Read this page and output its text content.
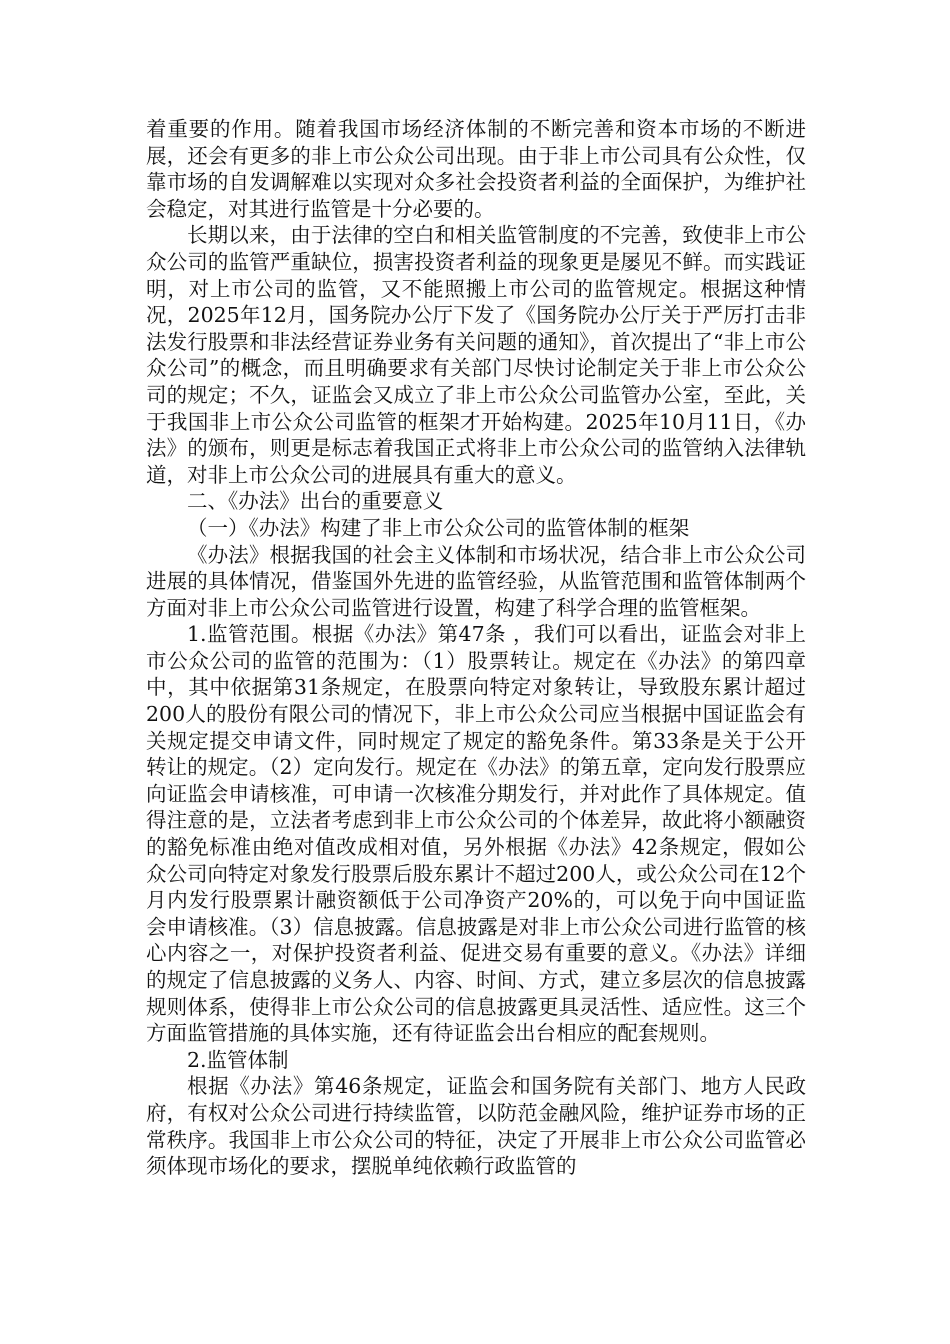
着重要的作用。随着我国市场经济体制的不断完善和资本市场的不断进展，还会有更多的非上市公众公司出现。由于非上市公司具有公众性，仅靠市场的自发调解难以实现对众多社会投资者利益的全面保护，为维护社会稳定，对其进行监管是十分必要的。

长期以来，由于法律的空白和相关监管制度的不完善，致使非上市公众公司的监管严重缺位，损害投资者利益的现象更是屡见不鲜。而实践证明，对上市公司的监管，又不能照搬上市公司的监管规定。根据这种情况，2025年12月，国务院办公厅下发了《国务院办公厅关于严厉打击非法发行股票和非法经营证券业务有关问题的通知》，首次提出了“非上市公众公司”的概念，而且明确要求有关部门尽快讨论制定关于非上市公众公司的规定；不久，证监会又成立了非上市公众公司监管办公室，至此，关于我国非上市公众公司监管的框架才开始构建。2025年10月11日，《办法》的颁布，则更是标志着我国正式将非上市公众公司的监管纳入法律轨道，对非上市公众公司的进展具有重大的意义。

二、《办法》出台的重要意义

（一）《办法》构建了非上市公众公司的监管体制的框架

《办法》根据我国的社会主义体制和市场状况，结合非上市公众公司进展的具体情况，借鉴国外先进的监管经验，从监管范围和监管体制两个方面对非上市公众公司监管进行设置，构建了科学合理的监管框架。

1.监管范围。根据《办法》第47条 ，我们可以看出，证监会对非上市公众公司的监管的范围为：（1）股票转让。规定在《办法》的第四章中，其中依据第31条规定，在股票向特定对象转让，导致股东累计超过200人的股份有限公司的情况下，非上市公众公司应当根据中国证监会有关规定提交申请文件，同时规定了规定的豁免条件。第33条是关于公开转让的规定。（2）定向发行。规定在《办法》的第五章，定向发行股票应向证监会申请核准，可申请一次核准分期发行，并对此作了具体规定。值得注意的是，立法者考虑到非上市公众公司的个体差异，故此将小额融资的豁免标准由绝对值改成相对值，另外根据《办法》42条规定，假如公众公司向特定对象发行股票后股东累计不超过200人，或公众公司在12个月内发行股票累计融资额低于公司净资产20%的，可以免于向中国证监会申请核准。（3）信息披露。信息披露是对非上市公众公司进行监管的核心内容之一，对保护投资者利益、促进交易有重要的意义。《办法》详细的规定了信息披露的义务人、内容、时间、方式，建立多层次的信息披露规则体系，使得非上市公众公司的信息披露更具灵活性、适应性。这三个方面监管措施的具体实施，还有待证监会出台相应的配套规则。

2.监管体制

根据《办法》第46条规定，证监会和国务院有关部门、地方人民政府，有权对公众公司进行持续监管，以防范金融风险，维护证券市场的正常秩序。我国非上市公众公司的特征，决定了开展非上市公众公司监管必须体现市场化的要求，摆脱单纯依赖行政监管的
